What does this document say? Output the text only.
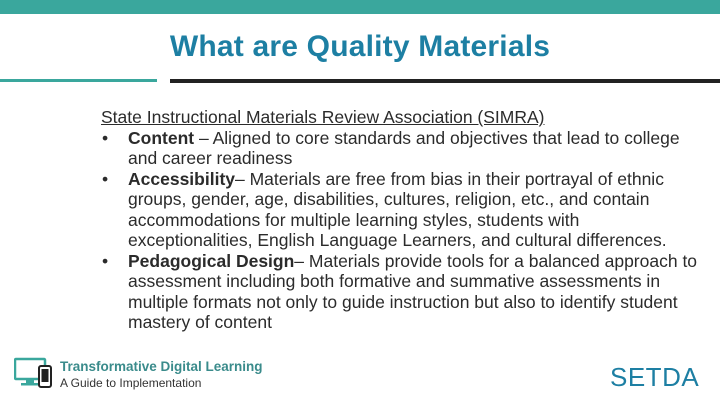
What are Quality Materials
State Instructional Materials Review Association (SIMRA)
• Content – Aligned to core standards and objectives that lead to college and career readiness
• Accessibility– Materials are free from bias in their portrayal of ethnic groups, gender, age, disabilities, cultures, religion, etc., and contain accommodations for multiple learning styles, students with exceptionalities, English Language Learners, and cultural differences.
• Pedagogical Design– Materials provide tools for a balanced approach to assessment including both formative and summative assessments in multiple formats not only to guide instruction but also to identify student mastery of content
Transformative Digital Learning
A Guide to Implementation	SETDA
